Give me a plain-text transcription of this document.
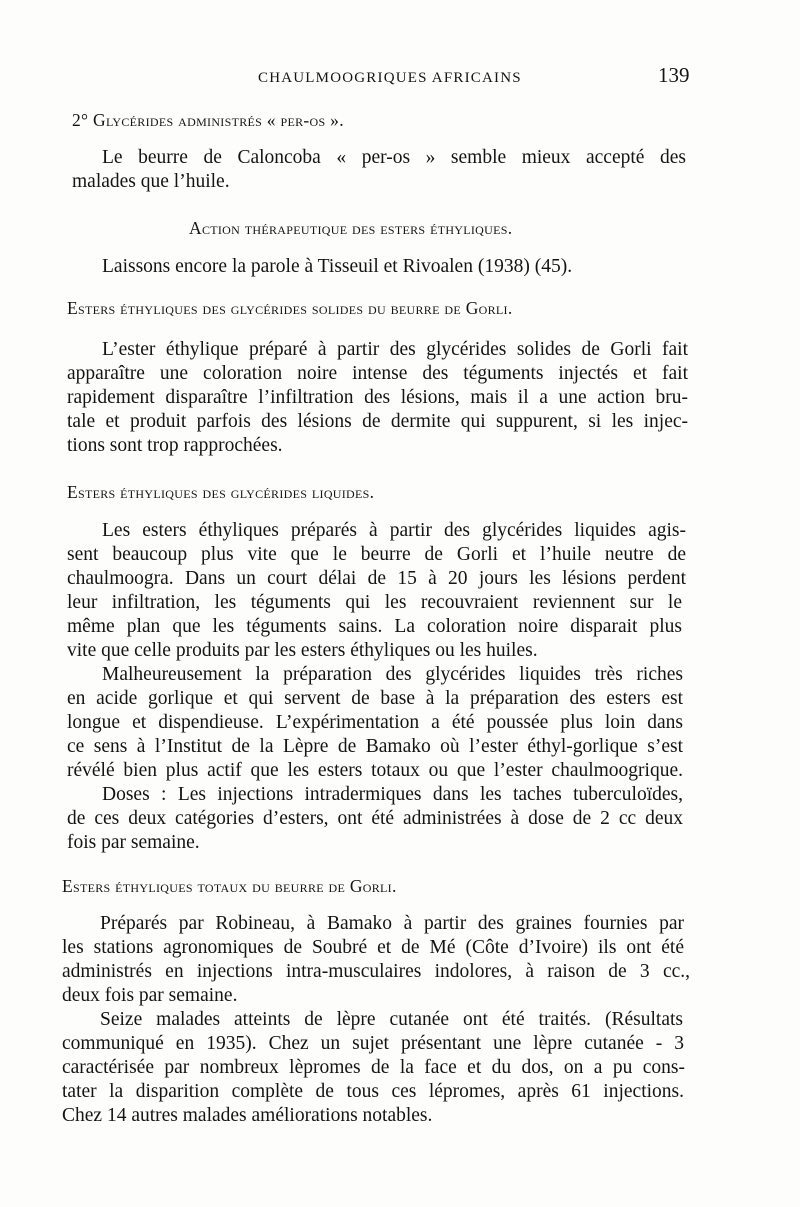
CHAULMOOGRIQUES AFRICAINS	139
2° Glycérides administrés « per-os ».
Le beurre de Caloncoba « per-os » semble mieux accepté des
malades que l’huile.
Action thérapeutique des esters éthyliques.
Laissons encore la parole à Tisseuil et Rivoalen (1938) (45).
Esters éthyliques des glycérides solides du beurre de Gorli.
L’ester éthylique préparé à partir des glycérides solides de Gorli fait
apparaître une coloration noire intense des téguments injectés et fait
rapidement disparaître l’infiltration des lésions, mais il a une action bru-
tale et produit parfois des lésions de dermite qui suppurent, si les injec-
tions sont trop rapprochées.
Esters éthyliques des glycérides liquides.
Les esters éthyliques préparés à partir des glycérides liquides agis-
sent beaucoup plus vite que le beurre de Gorli et l’huile neutre de
chaulmoogra. Dans un court délai de 15 à 20 jours les lésions perdent
leur infiltration, les téguments qui les recouvraient reviennent sur le
même plan que les téguments sains. La coloration noire disparait plus
vite que celle produits par les esters éthyliques ou les huiles.
Malheureusement la préparation des glycérides liquides très riches
en acide gorlique et qui servent de base à la préparation des esters est
longue et dispendieuse. L’expérimentation a été poussée plus loin dans
ce sens à l’Institut de la Lèpre de Bamako où l’ester éthyl-gorlique s’est
révélé bien plus actif que les esters totaux ou que l’ester chaulmoogrique.
Doses : Les injections intradermiques dans les taches tuberculoïdes,
de ces deux catégories d’esters, ont été administrées à dose de 2 cc deux
fois par semaine.
Esters éthyliques totaux du beurre de Gorli.
Préparés par Robineau, à Bamako à partir des graines fournies par
les stations agronomiques de Soubré et de Mé (Côte d’Ivoire) ils ont été
administrés en injections intra-musculaires indolores, à raison de 3 cc.,
deux fois par semaine.
Seize malades atteints de lèpre cutanée ont été traités. (Résultats
communiqué en 1935). Chez un sujet présentant une lèpre cutanée - 3
caractérisée par nombreux lèpromes de la face et du dos, on a pu cons-
tater la disparition complète de tous ces lépromes, après 61 injections.
Chez 14 autres malades améliorations notables.
